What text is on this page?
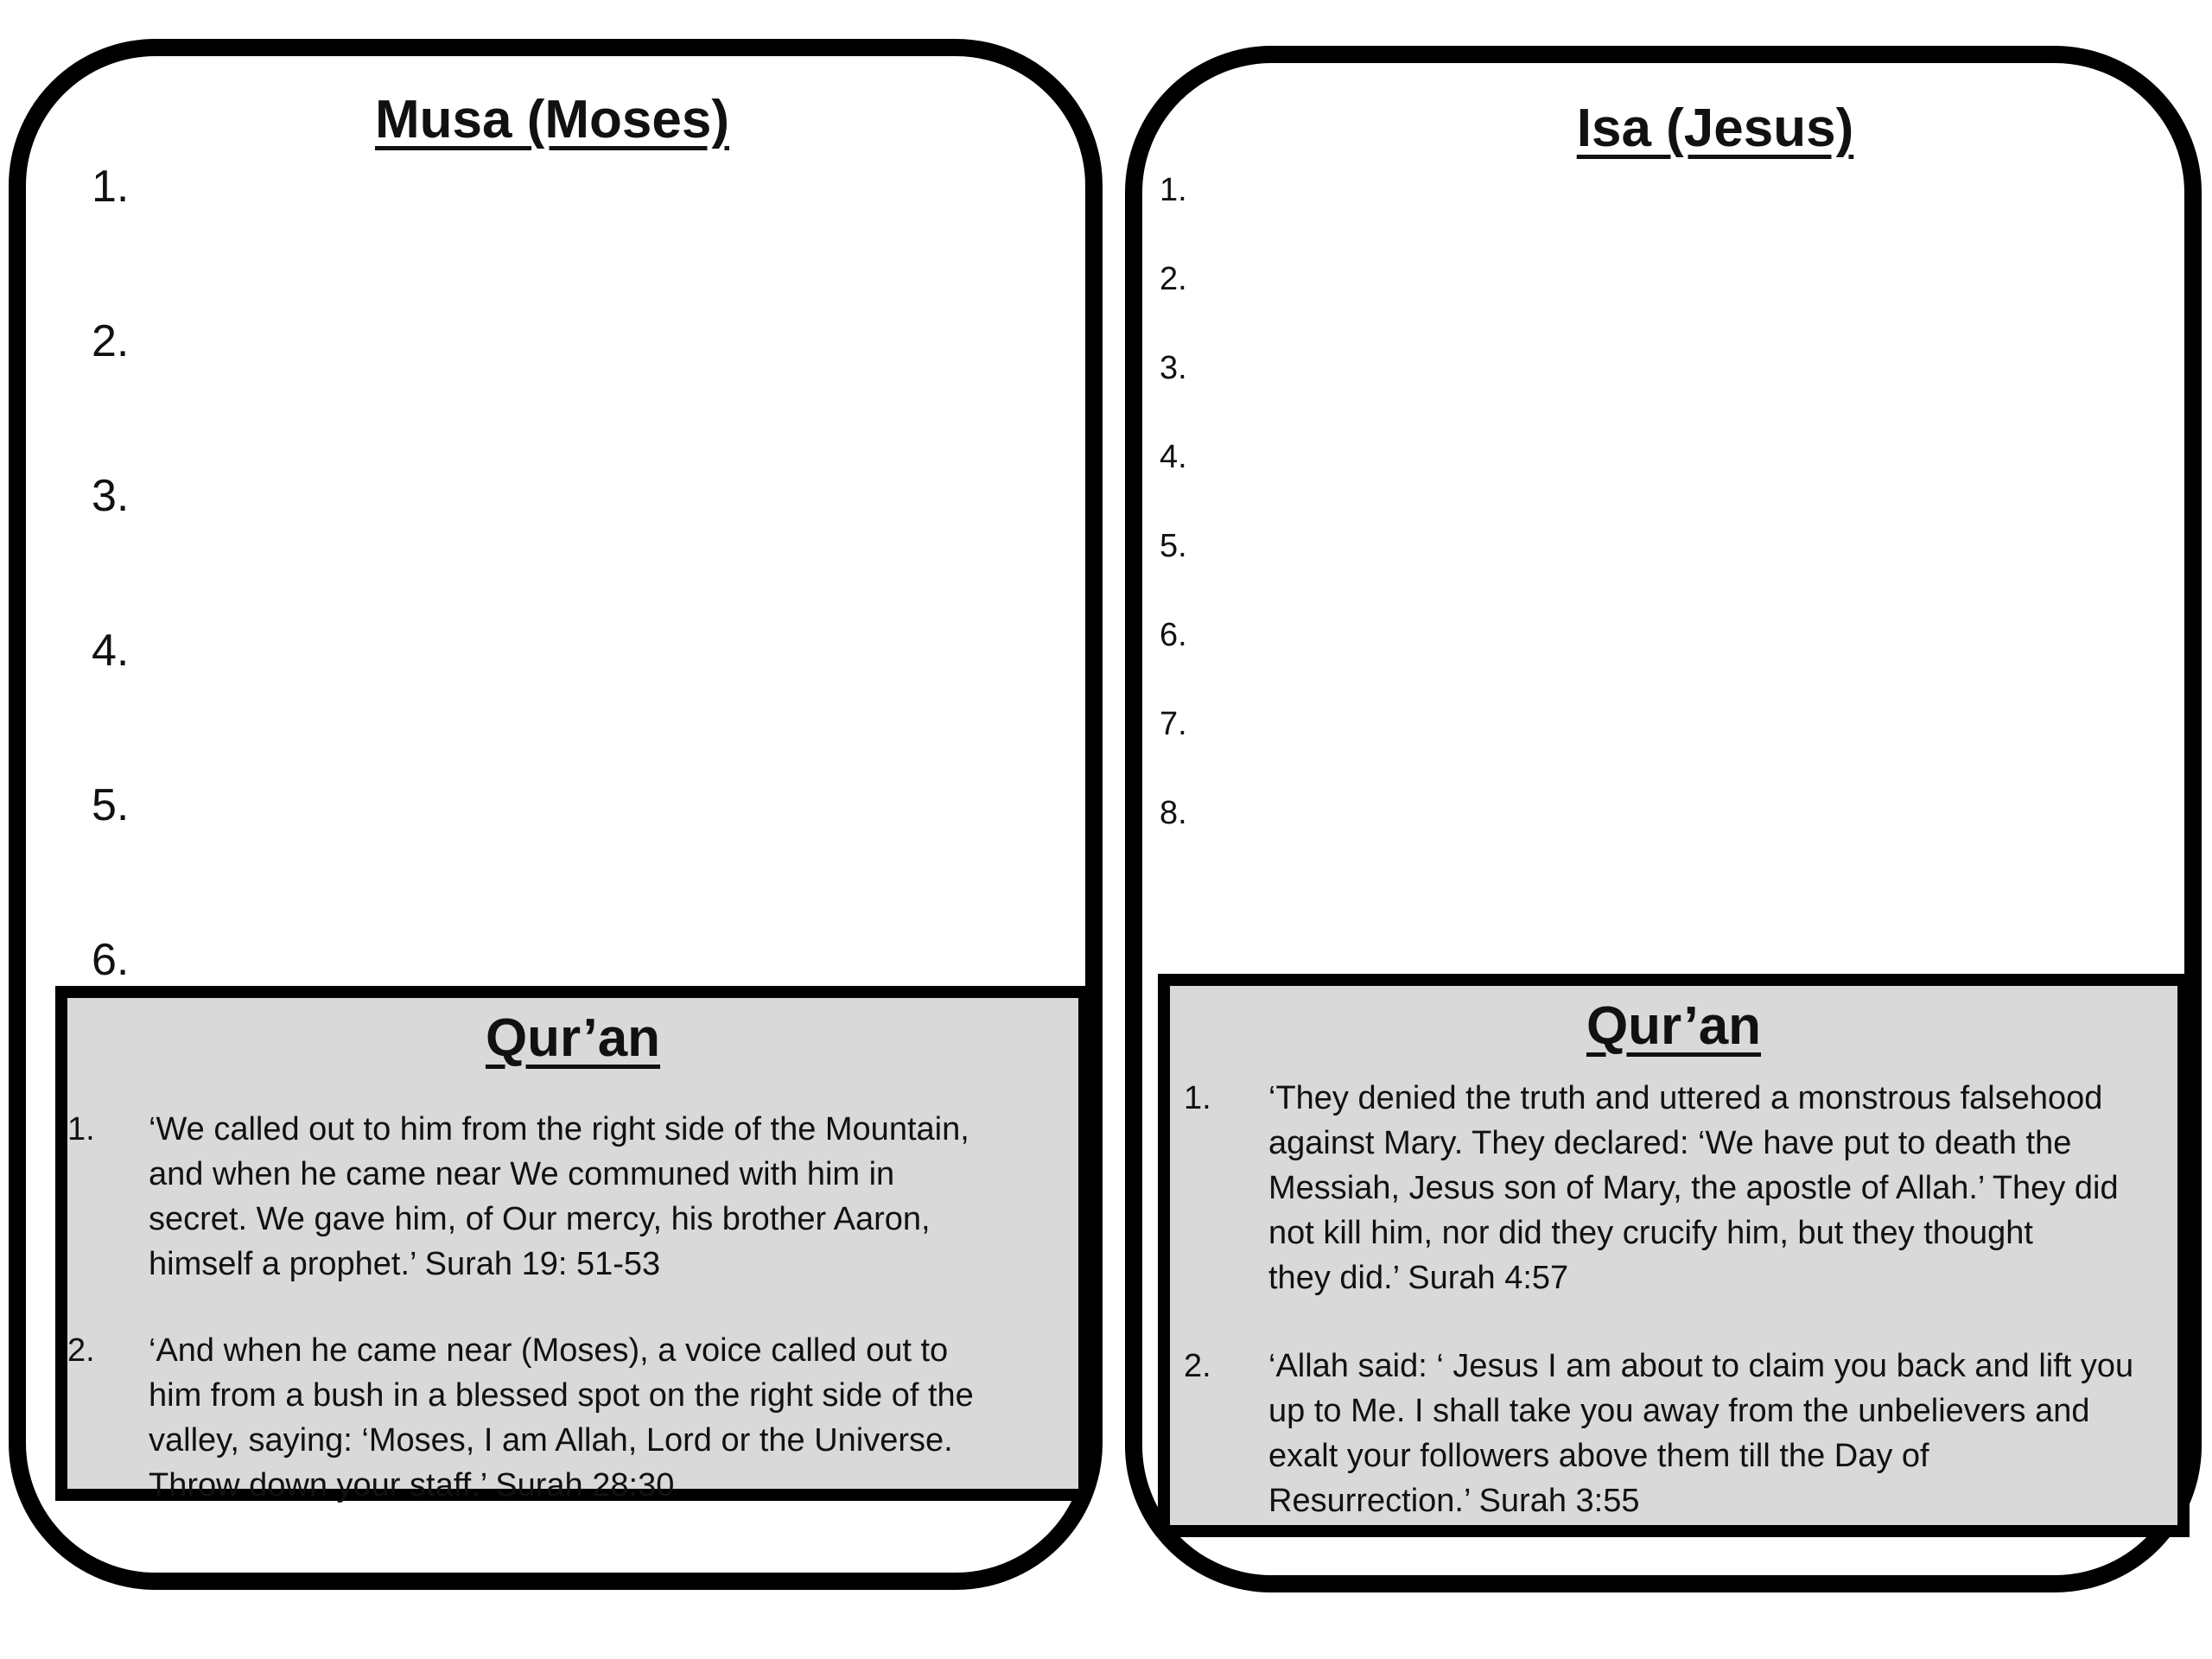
Musa (Moses)
1.
2.
3.
4.
5.
6.
Qur’an
1. ‘We called out to him from the right side of the Mountain,
and when he came near We communed with him in
secret. We gave him, of Our mercy, his brother Aaron,
himself a prophet.’ Surah 19: 51-53
2. ‘And when he came near (Moses), a voice called out to
him from a bush in a blessed spot on the right side of the
valley, saying: ‘Moses, I am Allah, Lord or the Universe.
Throw down your staff.’ Surah 28:30
Isa (Jesus)
1.
2.
3.
4.
5.
6.
7.
8.
Qur’an
1. ‘They denied the truth and uttered a monstrous falsehood
against Mary. They declared: ‘We have put to death the
Messiah, Jesus son of Mary, the apostle of Allah.’ They did
not kill him, nor did they crucify him, but they thought
they did.’ Surah 4:57
2. ‘Allah said: ‘ Jesus I am about to claim you back and lift you
up to Me. I shall take you away from the unbelievers and
exalt your followers above them till the Day of
Resurrection.’ Surah 3:55
